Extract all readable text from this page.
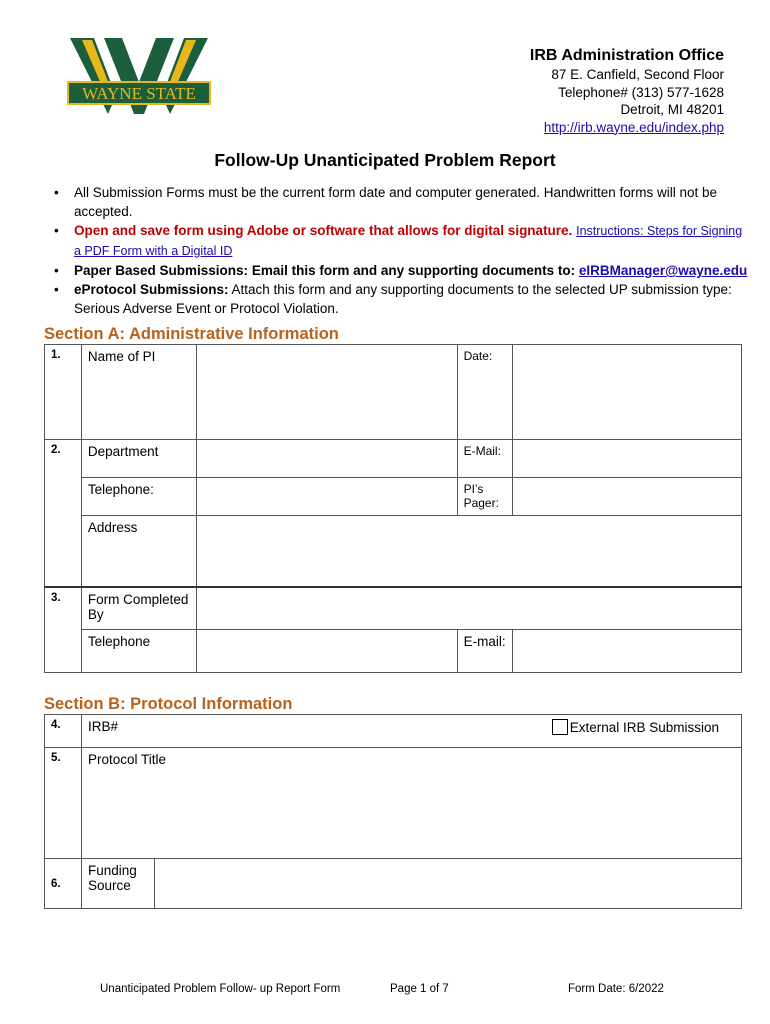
WAYNE STATE
IRB Administration Office
87 E. Canfield, Second Floor
Telephone# (313) 577-1628
Detroit, MI 48201
http://irb.wayne.edu/index.php
Follow-Up Unanticipated Problem Report
• All Submission Forms must be the current form date and computer generated. Handwritten forms will not be accepted.
• Open and save form using Adobe or software that allows for digital signature. Instructions: Steps for Signing a PDF Form with a Digital ID
• Paper Based Submissions: Email this form and any supporting documents to: eIRBManager@wayne.edu
• eProtocol Submissions: Attach this form and any supporting documents to the selected UP submission type: Serious Adverse Event or Protocol Violation.
Section A: Administrative Information
1.	Name of PI		Date:	
2.	Department		E-Mail:	
	Telephone:		PI’s Pager:	
	Address			
3.	Form Completed By			
	Telephone		E-mail:	
Section B: Protocol Information
4.	IRB# External IRB Submission	

5.	Protocol Title	
6.	Funding Source	
Unanticipated Problem Follow- up Report Form	Page 1 of 7	Form Date: 6/2022
